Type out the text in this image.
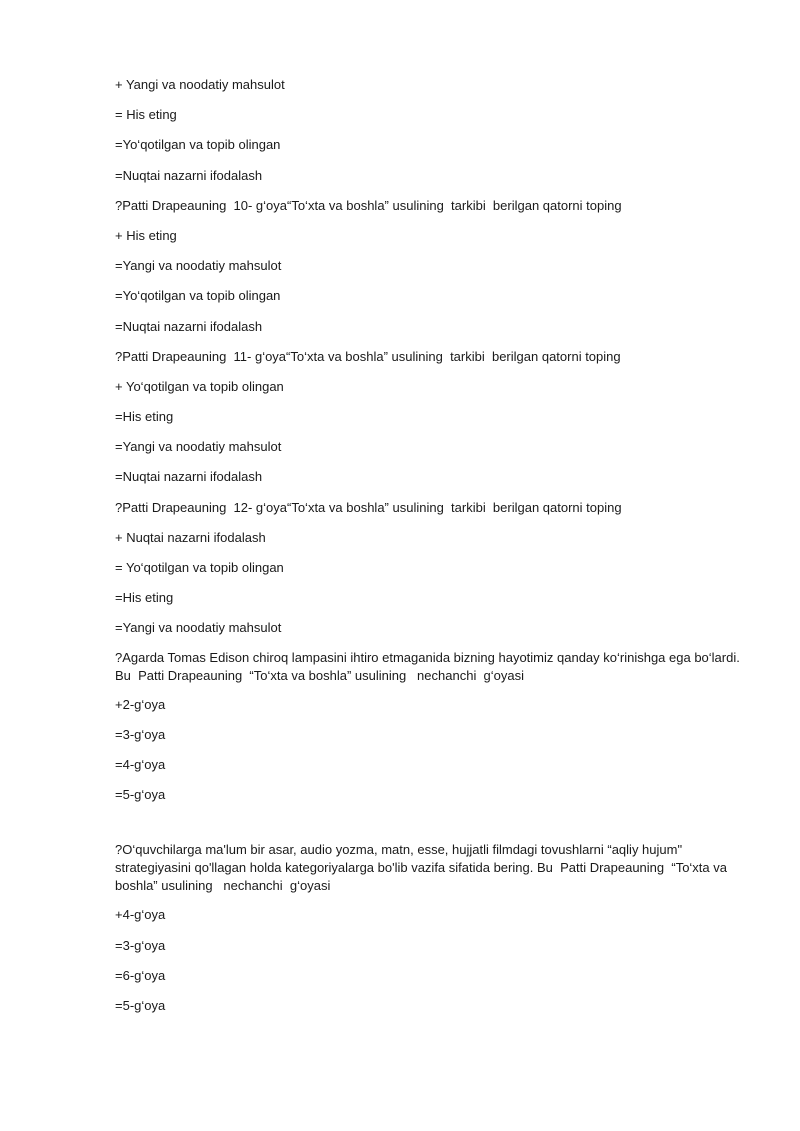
+ Yangi va noodatiy mahsulot

= His eting

=Yo‘qotilgan va topib olingan

=Nuqtai nazarni ifodalash

?Patti Drapeauning  10- g‘oya“To‘xta va boshla” usulining  tarkibi  berilgan qatorni toping

+ His eting

=Yangi va noodatiy mahsulot

=Yo‘qotilgan va topib olingan

=Nuqtai nazarni ifodalash

?Patti Drapeauning  11- g‘oya“To‘xta va boshla” usulining  tarkibi  berilgan qatorni toping

+ Yo‘qotilgan va topib olingan

=His eting

=Yangi va noodatiy mahsulot

=Nuqtai nazarni ifodalash

?Patti Drapeauning  12- g‘oya“To‘xta va boshla” usulining  tarkibi  berilgan qatorni toping

+ Nuqtai nazarni ifodalash

= Yo‘qotilgan va topib olingan

=His eting

=Yangi va noodatiy mahsulot

?Agarda Tomas Edison chiroq lampasini ihtiro etmaganida bizning hayotimiz qanday ko‘rinishga ega bo‘lardi. Bu  Patti Drapeauning  “To‘xta va boshla” usulining   nechanchi  g‘oyasi

+2-g‘oya

=3-g‘oya

=4-g‘oya

=5-g‘oya

?O‘quvchilarga ma'lum bir asar, audio yozma, matn, esse, hujjatli filmdagi tovushlarni “aqliy hujum" strategiyasini qo'llagan holda kategoriyalarga bo'lib vazifa sifatida bering. Bu  Patti Drapeauning  “To‘xta va boshla” usulining   nechanchi  g‘oyasi

+4-g‘oya

=3-g‘oya

=6-g‘oya

=5-g‘oya
